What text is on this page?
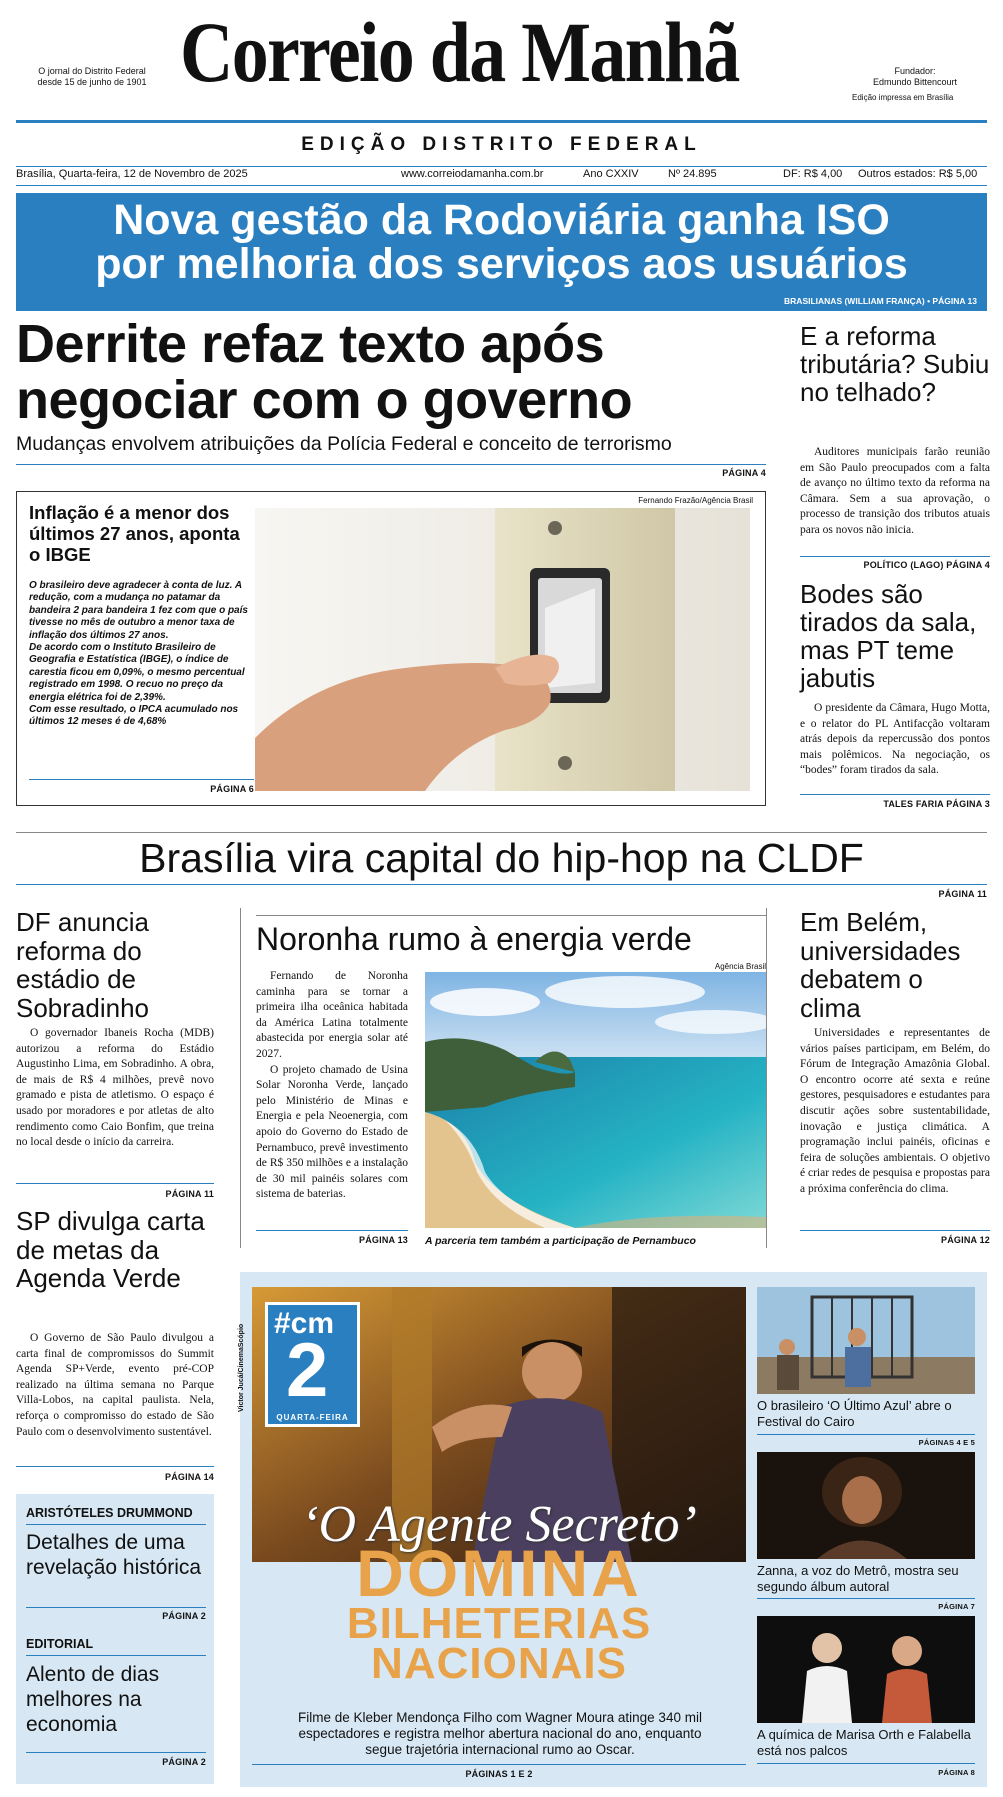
O jornal do Distrito Federal
desde 15 de junho de 1901 Correio da Manhã	Fundador:
Edmundo Bittencourt
Edição impressa em Brasília
EDIÇÃO DISTRITO FEDERAL
Brasília, Quarta-feira, 12 de Novembro de 2025	www.correiodamanha.com.br	Ano CXXIV	Nº 24.895	DF: R$ 4,00 Outros estados: R$ 5,00
Nova gestão da Rodoviária ganha ISO
por melhoria dos serviços aos usuários
BRASILIANAS (WILLIAM FRANÇA) • PÁGINA 13
Derrite refaz texto após
negociar com o governo
Mudanças envolvem atribuições da Polícia Federal e conceito de terrorismo
PÁGINA 4
Inflação é a menor dos últimos 27 anos, aponta o IBGE
O brasileiro deve agradecer à conta de luz. A redução, com a mudança no patamar da bandeira 2 para bandeira 1 fez com que o país tivesse no mês de outubro a menor taxa de inflação dos últimos 27 anos.
De acordo com o Instituto Brasileiro de Geografia e Estatística (IBGE), o índice de carestia ficou em 0,09%, o mesmo percentual registrado em 1998. O recuo no preço da energia elétrica foi de 2,39%.
Com esse resultado, o IPCA acumulado nos últimos 12 meses é de 4,68%
PÁGINA 6
Fernando Frazão/Agência Brasil
E a reforma tributária? Subiu no telhado?

Auditores municipais farão reunião em São Paulo preocupados com a falta de avanço no último texto da reforma na Câmara. Sem a sua aprovação, o processo de transição dos tributos atuais para os novos não inicia.

POLÍTICO (LAGO) PÁGINA 4
Bodes são tirados da sala, mas PT teme jabutis

O presidente da Câmara, Hugo Motta, e o relator do PL Antifacção voltaram atrás depois da repercussão dos pontos mais polêmicos. Na negociação, os “bodes” foram tirados da sala.

TALES FARIA PÁGINA 3
Brasília vira capital do hip-hop na CLDF
PÁGINA 11
DF anuncia reforma do estádio de Sobradinho

O governador Ibaneis Rocha (MDB) autorizou a reforma do Estádio Augustinho Lima, em Sobradinho. A obra, de mais de R$ 4 milhões, prevê novo gramado e pista de atletismo. O espaço é usado por moradores e por atletas de alto rendimento como Caio Bonfim, que treina no local desde o início da carreira.

PÁGINA 11
SP divulga carta de metas da Agenda Verde

O Governo de São Paulo divulgou a carta final de compromissos do Summit Agenda SP+Verde, evento pré-COP realizado na última semana no Parque Villa-Lobos, na capital paulista. Nela, reforça o compromisso do estado de São Paulo com o desenvolvimento sustentável.

PÁGINA 14
ARISTÓTELES DRUMMOND
Detalhes de uma revelação histórica
PÁGINA 2
EDITORIAL
Alento de dias melhores na economia
PÁGINA 2
Noronha rumo à energia verde

Fernando de Noronha caminha para se tornar a primeira ilha oceânica habitada da América Latina totalmente abastecida por energia solar até 2027.

O projeto chamado de Usina Solar Noronha Verde, lançado pelo Ministério de Minas e Energia e pela Neoenergia, com apoio do Governo do Estado de Pernambuco, prevê investimento de R$ 350 milhões e a instalação de 30 mil painéis solares com sistema de baterias.

PÁGINA 13
Agência Brasil
A parceria tem também a participação de Pernambuco
Em Belém, universidades debatem o clima

Universidades e representantes de vários países participam, em Belém, do Fórum de Integração Amazônia Global. O encontro ocorre até sexta e reúne gestores, pesquisadores e estudantes para discutir ações sobre sustentabilidade, inovação e justiça climática. A programação inclui painéis, oficinas e feira de soluções ambientais. O objetivo é criar redes de pesquisa e propostas para a próxima conferência do clima.

PÁGINA 12
#cm
2
QUARTA-FEIRA
Victor Jucá/CinemaScópio
‘O Agente Secreto’
DOMINA
BILHETERIAS
NACIONAIS
Filme de Kleber Mendonça Filho com Wagner Moura atinge 340 mil espectadores e registra melhor abertura nacional do ano, enquanto segue trajetória internacional rumo ao Oscar.
PÁGINAS 1 E 2
O brasileiro ‘O Último Azul’ abre o Festival do Cairo
PÁGINAS 4 E 5
Zanna, a voz do Metrô, mostra seu segundo álbum autoral
PÁGINA 7
A química de Marisa Orth e Falabella está nos palcos
PÁGINA 8
